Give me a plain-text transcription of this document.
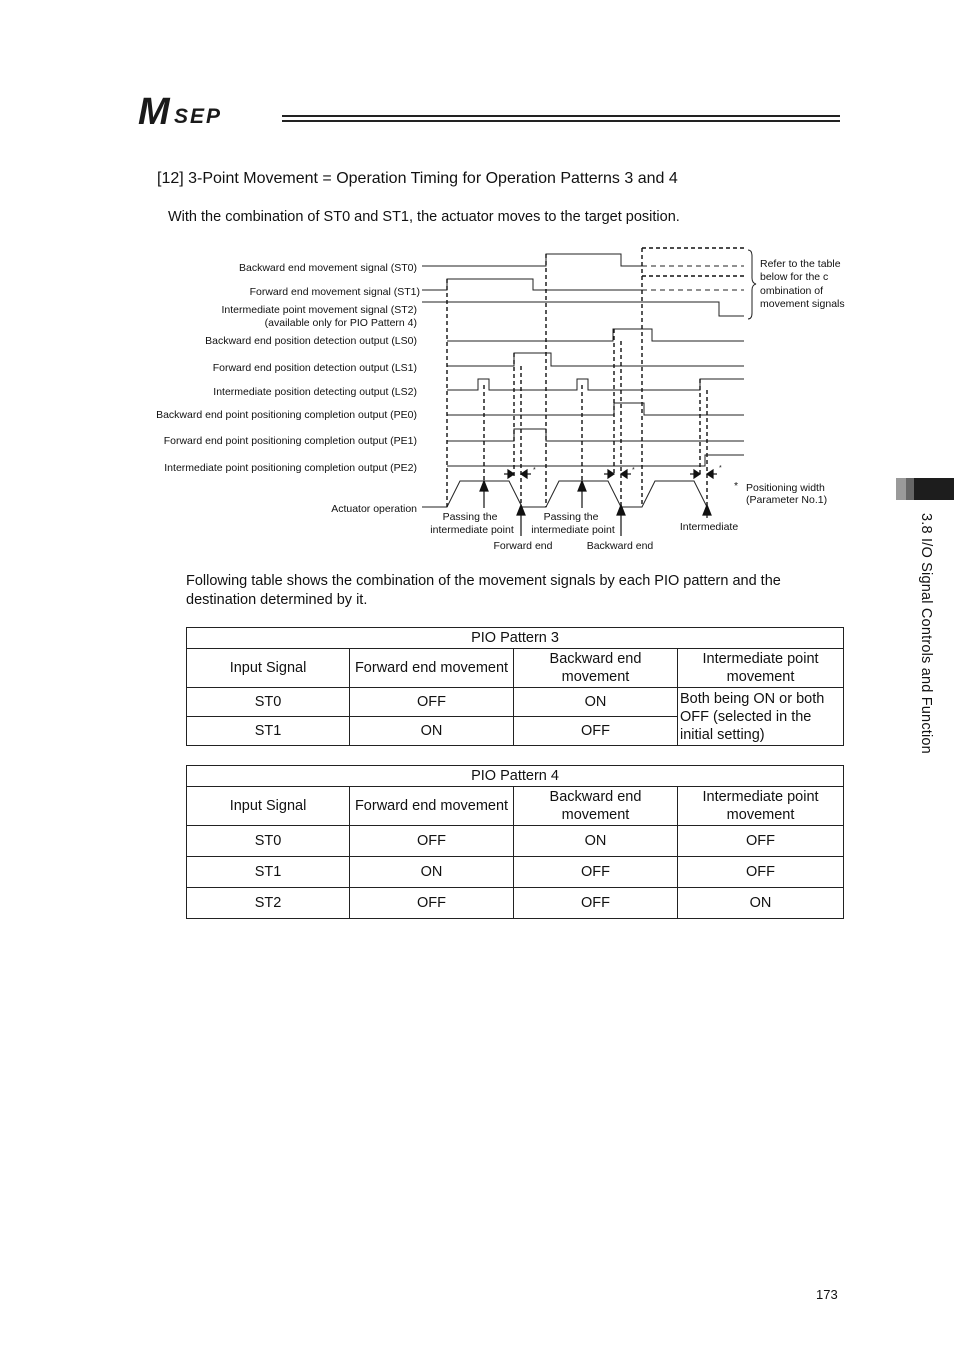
M SEP
[12] 3-Point Movement = Operation Timing for Operation Patterns 3 and 4
With the combination of ST0 and ST1, the actuator moves to the target position.
Backward end movement signal (ST0)
Forward end movement signal (ST1)
Intermediate point movement signal (ST2)
(available only for PIO Pattern 4)
Backward end position detection output (LS0)
Forward end position detection output (LS1)
Intermediate position detecting output (LS2)
Backward end point positioning completion output (PE0)
Forward end point positioning completion output (PE1)
Intermediate point positioning completion output (PE2)
Actuator operation
*	*	*
Refer to the table
below for the c
ombination of
movement signals
* Positioning width
(Parameter No.1)
Passing the
intermediate point
Passing the
intermediate point
Forward end	Backward end
Intermediate
Following table shows the combination of the movement signals by each PIO pattern and the destination determined by it.
PIO Pattern 3			
Input Signal	Forward end movement	Backward end movement	Intermediate point movement
ST0	OFF	ON	Both being ON or both OFF (selected in the initial setting)
ST1	ON	OFF	
PIO Pattern 4			
Input Signal	Forward end movement	Backward end movement	Intermediate point movement
ST0	OFF	ON	OFF
ST1	ON	OFF	OFF
ST2	OFF	OFF	ON
3.8 I/O Signal Controls and Function
173
